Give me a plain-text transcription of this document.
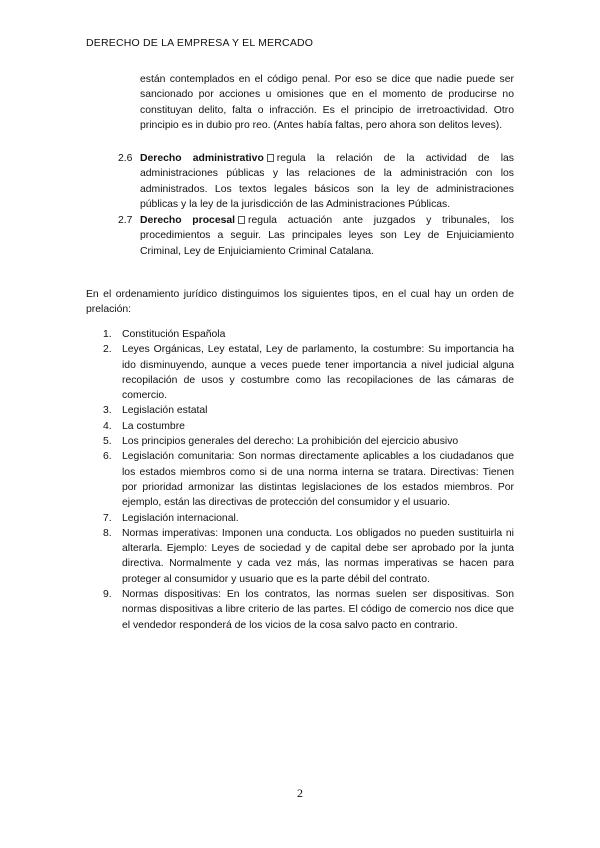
DERECHO DE LA EMPRESA Y EL MERCADO
están contemplados en el código penal. Por eso se dice que nadie puede ser sancionado por acciones u omisiones que en el momento de producirse no constituyan delito, falta o infracción. Es el principio de irretroactividad. Otro principio es in dubio pro reo. (Antes había faltas, pero ahora son delitos leves).
2.6 Derecho administrativo regula la relación de la actividad de las administraciones públicas y las relaciones de la administración con los administrados. Los textos legales básicos son la ley de administraciones públicas y la ley de la jurisdicción de las Administraciones Públicas.
2.7 Derecho procesal regula actuación ante juzgados y tribunales, los procedimientos a seguir. Las principales leyes son Ley de Enjuiciamiento Criminal, Ley de Enjuiciamiento Criminal Catalana.
En el ordenamiento jurídico distinguimos los siguientes tipos, en el cual hay un orden de prelación:
1. Constitución Española
2. Leyes Orgánicas, Ley estatal, Ley de parlamento, la costumbre: Su importancia ha ido disminuyendo, aunque a veces puede tener importancia a nivel judicial alguna recopilación de usos y costumbre como las recopilaciones de las cámaras de comercio.
3. Legislación estatal
4. La costumbre
5. Los principios generales del derecho: La prohibición del ejercicio abusivo
6. Legislación comunitaria: Son normas directamente aplicables a los ciudadanos que los estados miembros como si de una norma interna se tratara. Directivas: Tienen por prioridad armonizar las distintas legislaciones de los estados miembros. Por ejemplo, están las directivas de protección del consumidor y el usuario.
7. Legislación internacional.
8. Normas imperativas: Imponen una conducta. Los obligados no pueden sustituirla ni alterarla. Ejemplo: Leyes de sociedad y de capital debe ser aprobado por la junta directiva. Normalmente y cada vez más, las normas imperativas se hacen para proteger al consumidor y usuario que es la parte débil del contrato.
9. Normas dispositivas: En los contratos, las normas suelen ser dispositivas. Son normas dispositivas a libre criterio de las partes. El código de comercio nos dice que el vendedor responderá de los vicios de la cosa salvo pacto en contrario.
2
